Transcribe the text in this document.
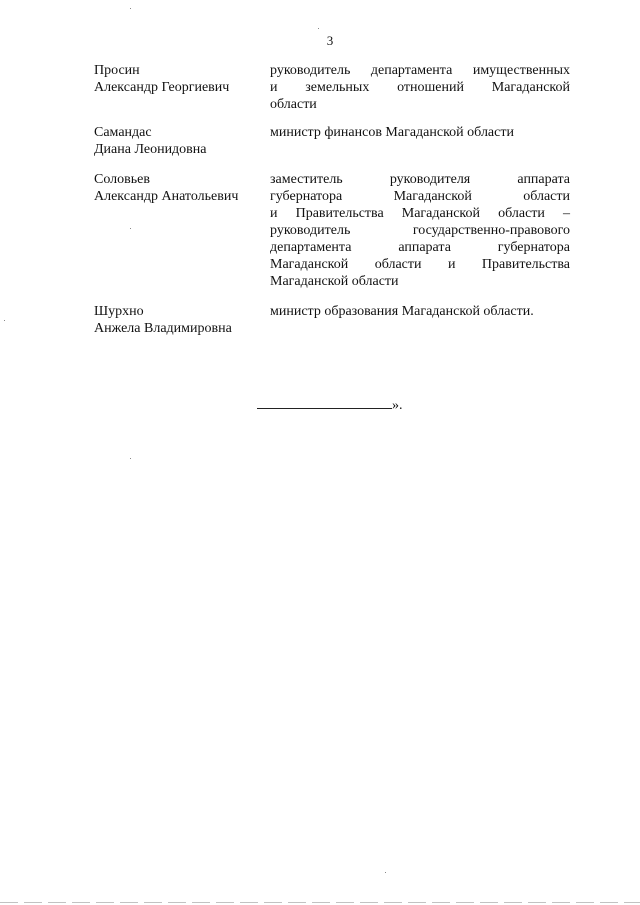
3
Просин
Александр Георгиевич
руководитель департамента имущественных
и земельных отношений Магаданской
области
Самандас
Диана Леонидовна
министр финансов Магаданской области
Соловьев
Александр Анатольевич
заместитель руководителя аппарата
губернатора Магаданской области
и Правительства Магаданской области –
руководитель государственно-правового
департамента аппарата губернатора
Магаданской области и Правительства
Магаданской области
Шурхно
Анжела Владимировна
министр образования Магаданской области.
».
